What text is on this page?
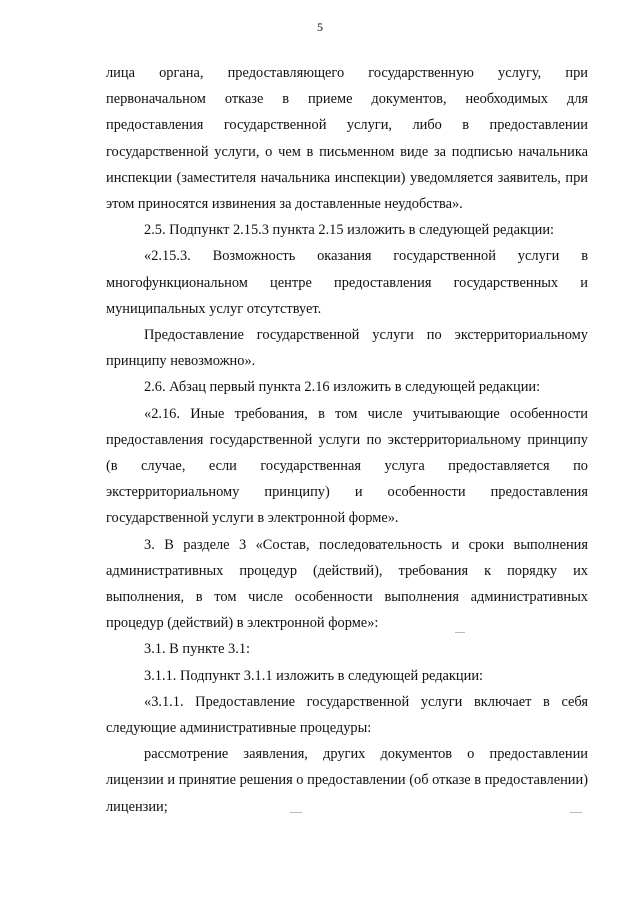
5

лица органа, предоставляющего государственную услугу, при первоначальном отказе в приеме документов, необходимых для предоставления государственной услуги, либо в предоставлении государственной услуги, о чем в письменном виде за подписью начальника инспекции (заместителя начальника инспекции) уведомляется заявитель, при этом приносятся извинения за доставленные неудобства».

2.5. Подпункт 2.15.3 пункта 2.15 изложить в следующей редакции:

«2.15.3. Возможность оказания государственной услуги в многофункциональном центре предоставления государственных и муниципальных услуг отсутствует.

Предоставление государственной услуги по экстерриториальному принципу невозможно».

2.6. Абзац первый пункта 2.16 изложить в следующей редакции:

«2.16. Иные требования, в том числе учитывающие особенности предоставления государственной услуги по экстерриториальному принципу (в случае, если государственная услуга предоставляется по экстерриториальному принципу) и особенности предоставления государственной услуги в электронной форме».

3. В разделе 3 «Состав, последовательность и сроки выполнения административных процедур (действий), требования к порядку их выполнения, в том числе особенности выполнения административных процедур (действий) в электронной форме»:

3.1. В пункте 3.1:

3.1.1. Подпункт 3.1.1 изложить в следующей редакции:

«3.1.1. Предоставление государственной услуги включает в себя следующие административные процедуры:

рассмотрение заявления, других документов о предоставлении лицензии и принятие решения о предоставлении (об отказе в предоставлении) лицензии;
